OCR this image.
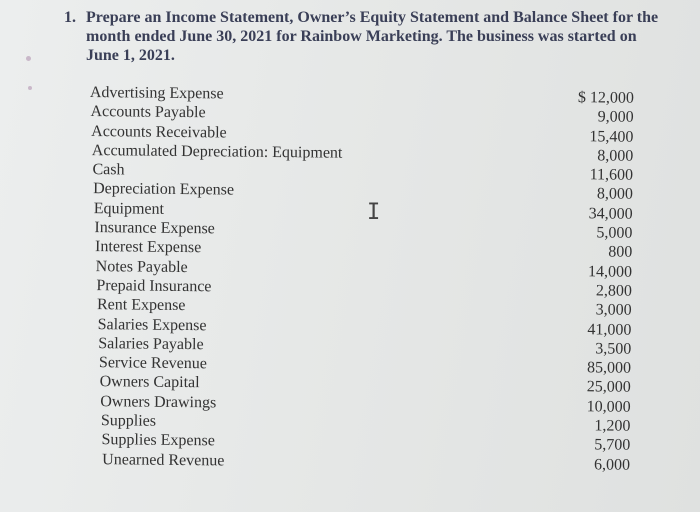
1. Prepare an Income Statement, Owner’s Equity Statement and Balance Sheet for the month ended June 30, 2021 for Rainbow Marketing. The business was started on June 1, 2021.
Advertising Expense	$ 12,000
Accounts Payable	9,000
Accounts Receivable	15,400
Accumulated Depreciation: Equipment	8,000
Cash	11,600
Depreciation Expense	8,000
Equipment	34,000
Insurance Expense	5,000
Interest Expense	800
Notes Payable	14,000
Prepaid Insurance	2,800
Rent Expense	3,000
Salaries Expense	41,000
Salaries Payable	3,500
Service Revenue	85,000
Owners Capital	25,000
Owners Drawings	10,000
Supplies	1,200
Supplies Expense	5,700
Unearned Revenue	6,000
I
